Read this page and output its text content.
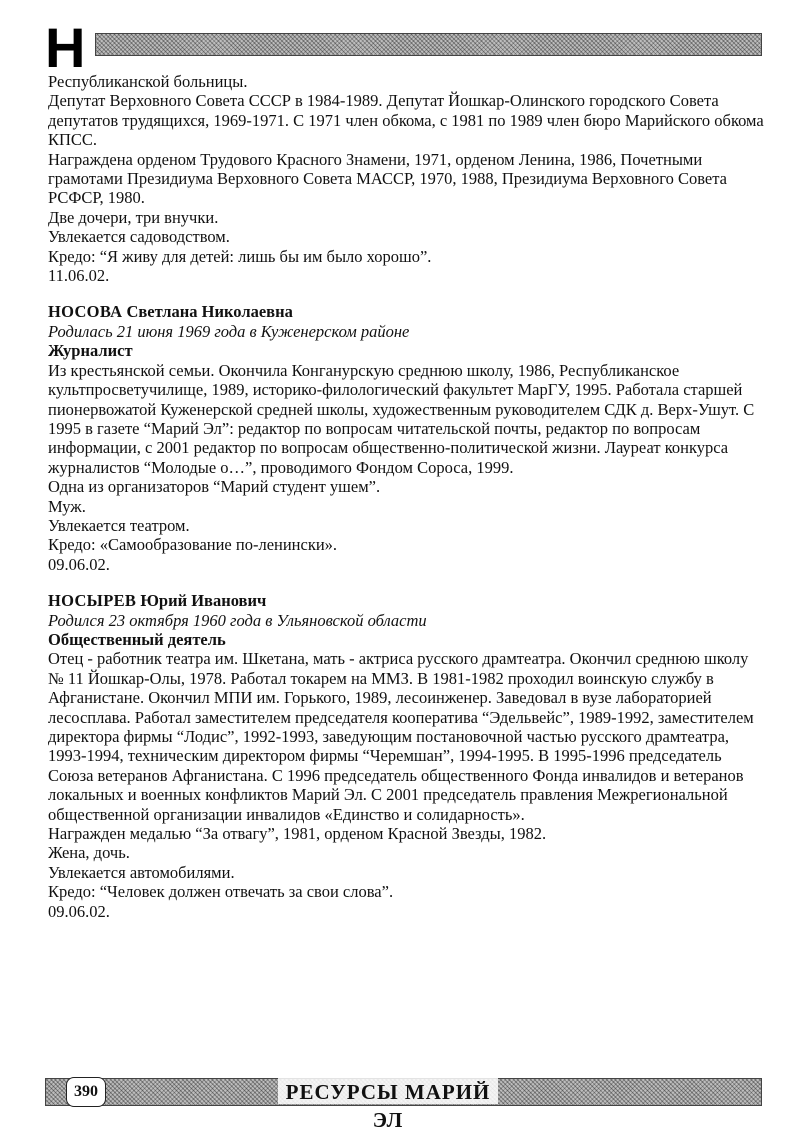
Н

Республиканской больницы.

Депутат Верховного Совета СССР в 1984-1989. Депутат Йошкар-Олинского городского Совета депутатов трудящихся, 1969-1971. С 1971 член обкома, с 1981 по 1989 член бюро Марийского обкома КПСС.

Награждена орденом Трудового Красного Знамени, 1971, орденом Ленина, 1986, Почетными грамотами Президиума Верховного Совета МАССР, 1970, 1988, Президиума Верховного Совета РСФСР, 1980.

Две дочери, три внучки.

Увлекается садоводством.

Кредо: “Я живу для детей: лишь бы им было хорошо”.

11.06.02.

НОСОВА Светлана Николаевна

Родилась 21 июня 1969 года в Куженерском районе

Журналист

Из крестьянской семьи. Окончила Конганурскую среднюю школу, 1986, Республиканское культпросветучилище, 1989, историко-филологический факультет МарГУ, 1995. Работала старшей пионервожатой Куженерской средней школы, художественным руководителем СДК д. Верх-Ушут. С 1995 в газете “Марий Эл”: редактор по вопросам читательской почты, редактор по вопросам информации, с 2001 редактор по вопросам общественно-политической жизни. Лауреат конкурса журналистов “Молодые о…”, проводимого Фондом Сороса, 1999.

Одна из организаторов “Марий студент ушем”.

Муж.

Увлекается театром.

Кредо: «Самообразование по-ленински».

09.06.02.

НОСЫРЕВ Юрий Иванович

Родился 23 октября 1960 года в Ульяновской области

Общественный деятель

Отец - работник театра им. Шкетана, мать - актриса русского драмтеатра. Окончил среднюю школу № 11 Йошкар-Олы, 1978. Работал токарем на ММЗ. В 1981-1982 проходил воинскую службу в Афганистане. Окончил МПИ им. Горького, 1989, лесоинженер. Заведовал в вузе лабораторией лесосплава. Работал заместителем председателя кооператива “Эдельвейс”, 1989-1992, заместителем директора фирмы “Лодис”, 1992-1993, заведующим постановочной частью русского драмтеатра, 1993-1994, техническим директором фирмы “Черемшан”, 1994-1995. В 1995-1996 председатель Союза ветеранов Афганистана. С 1996 председатель общественного Фонда инвалидов и ветеранов локальных и военных конфликтов Марий Эл. С 2001 председатель правления Межрегиональной общественной организации инвалидов «Единство и солидарность».

Награжден медалью “За отвагу”, 1981, орденом Красной Звезды, 1982.

Жена, дочь.

Увлекается автомобилями.

Кредо: “Человек должен отвечать за свои слова”.

09.06.02.

390	РЕСУРСЫ МАРИЙ ЭЛ
